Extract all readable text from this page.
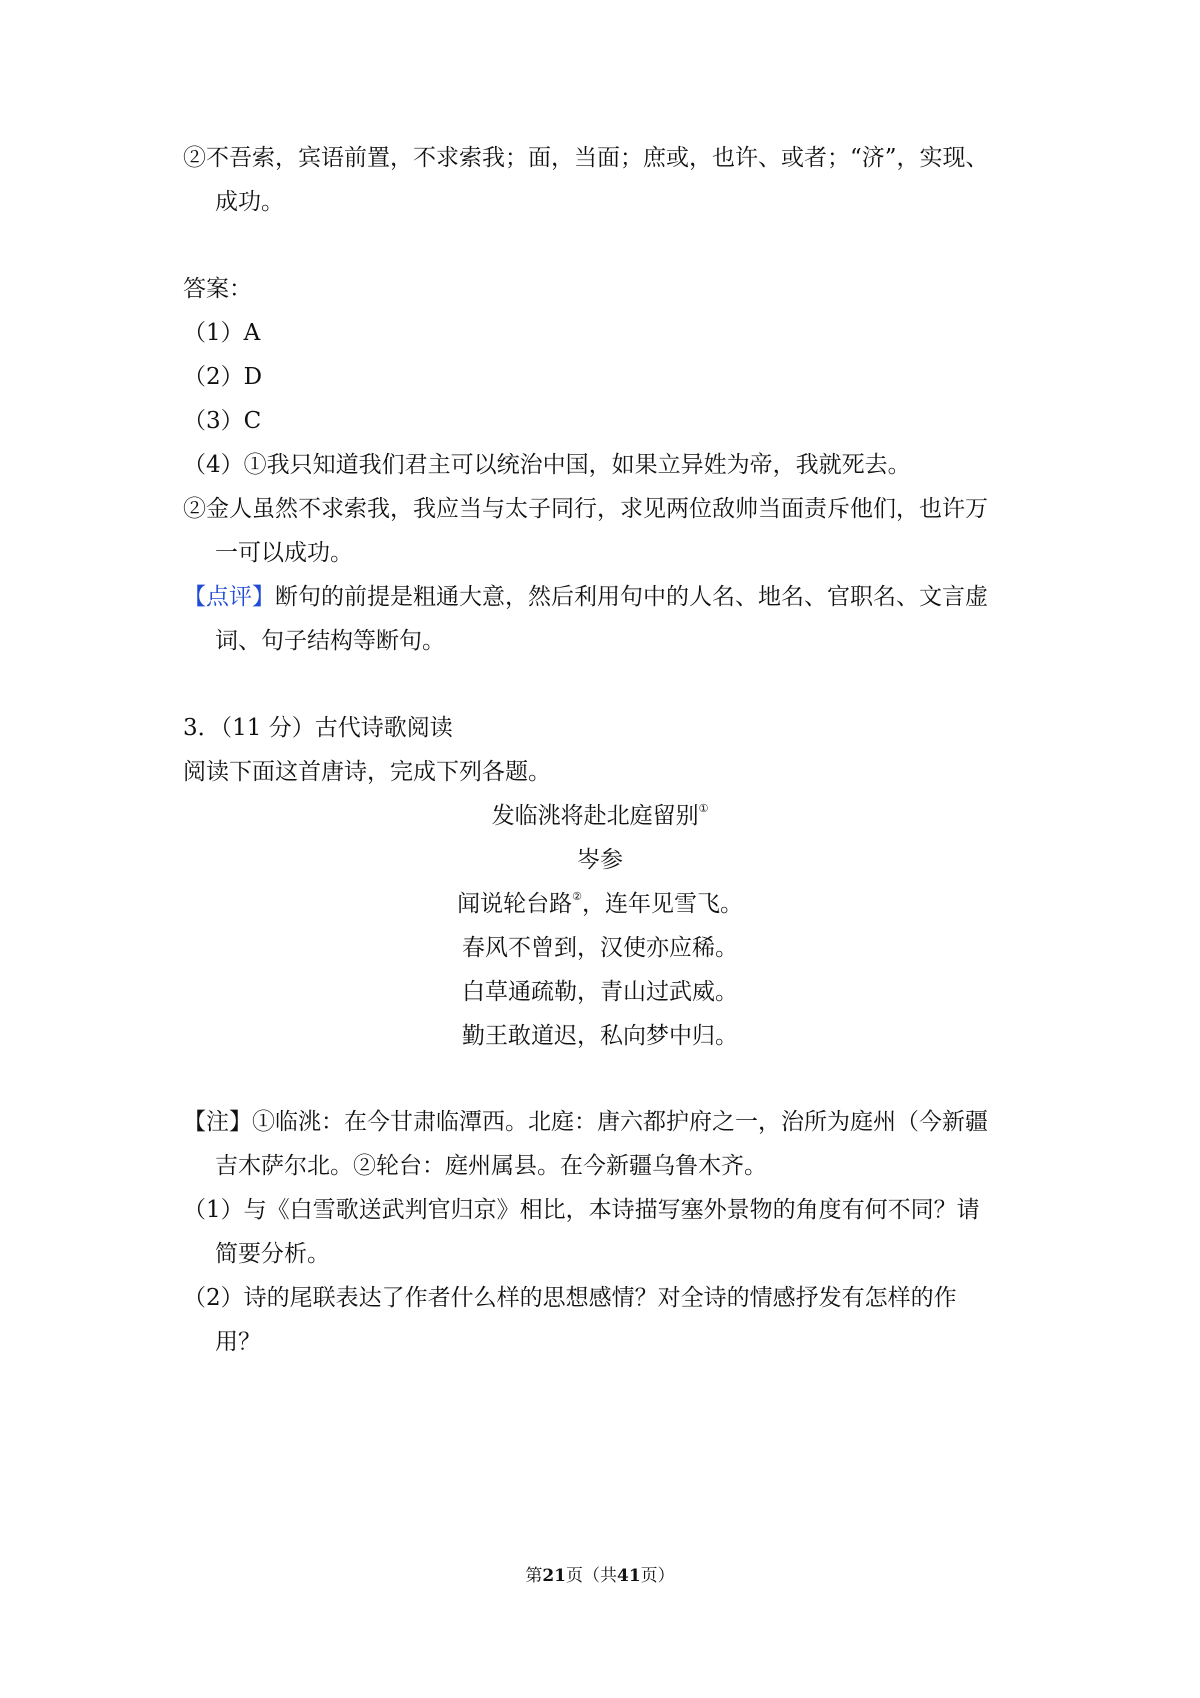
②不吾索，宾语前置，不求索我；面，当面；庶或，也许、或者；“济”，实现、
成功。
答案：
（1）A
（2）D
（3）C
（4）①我只知道我们君主可以统治中国，如果立异姓为帝，我就死去。
②金人虽然不求索我，我应当与太子同行，求见两位敌帅当面责斥他们，也许万
一可以成功。
【点评】断句的前提是粗通大意，然后利用句中的人名、地名、官职名、文言虚
词、句子结构等断句。
3．（11 分）古代诗歌阅读
阅读下面这首唐诗，完成下列各题。
发临洮将赴北庭留别①
岑参
闻说轮台路②，连年见雪飞。
春风不曾到，汉使亦应稀。
白草通疏勒，青山过武威。
勤王敢道迟，私向梦中归。
【注】①临洮：在今甘肃临潭西。北庭：唐六都护府之一，治所为庭州（今新疆
吉木萨尔北。②轮台：庭州属县。在今新疆乌鲁木齐。
（1）与《白雪歌送武判官归京》相比，本诗描写塞外景物的角度有何不同？请
简要分析。
（2）诗的尾联表达了作者什么样的思想感情？对全诗的情感抒发有怎样的作
用？
第21页（共41页）
